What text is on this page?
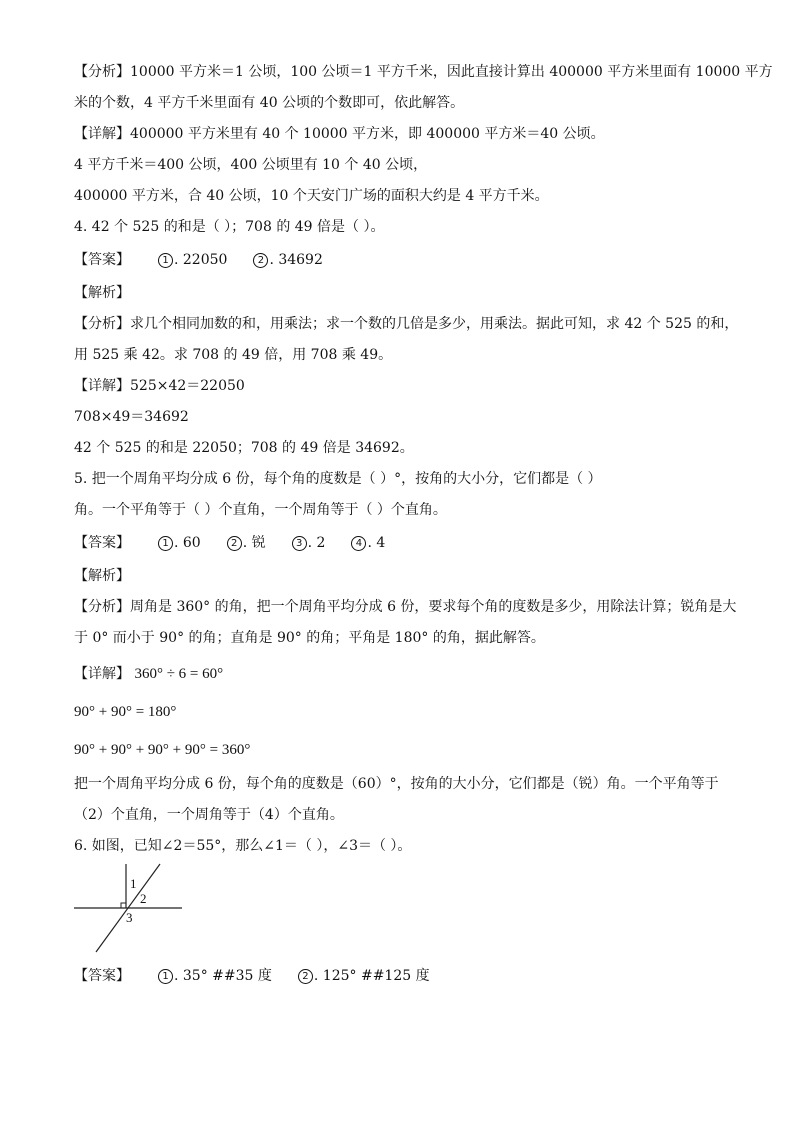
【分析】10000 平方米＝1 公顷，100 公顷＝1 平方千米，因此直接计算出 400000 平方米里面有 10000 平方
米的个数，4 平方千米里面有 40 公顷的个数即可，依此解答。
【详解】400000 平方米里有 40 个 10000 平方米，即 400000 平方米＝40 公顷。
4 平方千米＝400 公顷，400 公顷里有 10 个 40 公顷，
400000 平方米，合 40 公顷，10 个天安门广场的面积大约是 4 平方千米。
4. 42 个 525 的和是（ ）；708 的 49 倍是（ ）。
【答案】	1 . 22050	2 . 34692
【解析】
【分析】求几个相同加数的和，用乘法；求一个数的几倍是多少，用乘法。据此可知，求 42 个 525 的和，
用 525 乘 42。求 708 的 49 倍，用 708 乘 49。
【详解】525×42＝22050
708×49＝34692
42 个 525 的和是 22050；708 的 49 倍是 34692。
5. 把一个周角平均分成 6 份，每个角的度数是（ ）°，按角的大小分，它们都是（ ）
角。一个平角等于（ ）个直角，一个周角等于（ ）个直角。
【答案】	1 . 60	2 . 锐	3 . 2	4 . 4
【解析】
【分析】周角是 360° 的角，把一个周角平均分成 6 份，要求每个角的度数是多少，用除法计算；锐角是大
于 0° 而小于 90° 的角；直角是 90° 的角；平角是 180° 的角，据此解答。
【详解】 360° ÷ 6 = 60°
90° + 90° = 180°
90° + 90° + 90° + 90° = 360°
把一个周角平均分成 6 份，每个角的度数是（60）°，按角的大小分，它们都是（锐）角。一个平角等于
（2）个直角，一个周角等于（4）个直角。
6. 如图，已知∠2＝55°，那么∠1＝（ ），∠3＝（ ）。
1
2
3
【答案】	1 . 35° ##35 度	2 . 125° ##125 度
